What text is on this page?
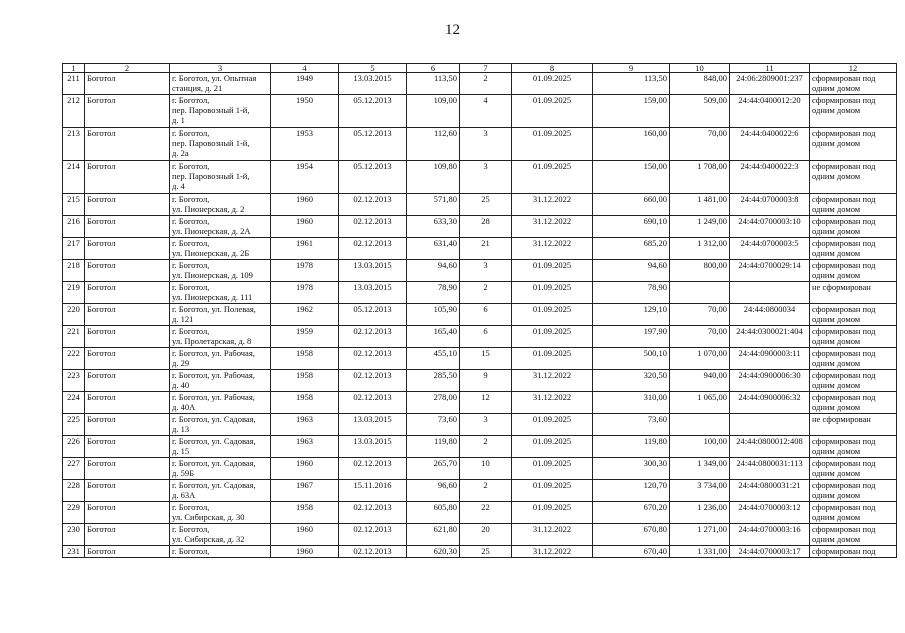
12
1	2	3	4	5	6	7	8	9	10	11	12
211	Боготол	г. Боготол, ул. Опытная
станция, д. 21	1949	13.03.2015	113,50	2	01.09.2025	113,50	848,00	24:06:2809001:237	сформирован под
одним домом
212	Боготол	г. Боготол,
пер. Паровозный 1-й,
д. 1	1950	05.12.2013	109,00	4	01.09.2025	159,00	509,00	24:44:0400012:20	сформирован под
одним домом
213	Боготол	г. Боготол,
пер. Паровозный 1-й,
д. 2а	1953	05.12.2013	112,60	3	01.09.2025	160,00	70,00	24:44:0400022:6	сформирован под
одним домом
214	Боготол	г. Боготол,
пер. Паровозный 1-й,
д. 4	1954	05.12.2013	109,80	3	01.09.2025	150,00	1 708,00	24:44:0400022:3	сформирован под
одним домом
215	Боготол	г. Боготол,
ул. Пионерская, д. 2	1960	02.12.2013	571,80	25	31.12.2022	660,00	1 481,00	24:44:0700003:8	сформирован под
одним домом
216	Боготол	г. Боготол,
ул. Пионерская, д. 2А	1960	02.12.2013	633,30	28	31.12.2022	690,10	1 249,00	24:44:0700003:10	сформирован под
одним домом
217	Боготол	г. Боготол,
ул. Пионерская, д. 2Б	1961	02.12.2013	631,40	21	31.12.2022	685,20	1 312,00	24:44:0700003:5	сформирован под
одним домом
218	Боготол	г. Боготол,
ул. Пионерская, д. 109	1978	13.03.2015	94,60	3	01.09.2025	94,60	800,00	24:44:0700029:14	сформирован под
одним домом
219	Боготол	г. Боготол,
ул. Пионерская, д. 111	1978	13.03.2015	78,90	2	01.09.2025	78,90			не сформирован
220	Боготол	г. Боготол, ул. Полевая,
д. 121	1962	05.12.2013	105,90	6	01.09.2025	129,10	70,00	24:44:0800034	сформирован под
одним домом
221	Боготол	г. Боготол,
ул. Пролетарская, д. 8	1959	02.12.2013	165,40	6	01.09.2025	197,90	70,00	24:44:0300021:404	сформирован под
одним домом
222	Боготол	г. Боготол, ул. Рабочая,
д. 29	1958	02.12.2013	455,10	15	01.09.2025	500,10	1 070,00	24:44:0900003:11	сформирован под
одним домом
223	Боготол	г. Боготол, ул. Рабочая,
д. 40	1958	02.12.2013	285,50	9	31.12.2022	320,50	940,00	24:44:0900006:30	сформирован под
одним домом
224	Боготол	г. Боготол, ул. Рабочая,
д. 40А	1958	02.12.2013	278,00	12	31.12.2022	310,00	1 065,00	24:44:0900006:32	сформирован под
одним домом
225	Боготол	г. Боготол, ул. Садовая,
д. 13	1963	13.03.2015	73,60	3	01.09.2025	73,60			не сформирован
226	Боготол	г. Боготол, ул. Садовая,
д. 15	1963	13.03.2015	119,80	2	01.09.2025	119,80	100,00	24:44:0800012:408	сформирован под
одним домом
227	Боготол	г. Боготол, ул. Садовая,
д. 59Б	1960	02.12.2013	265,70	10	01.09.2025	300,30	1 349,00	24:44:0800031:113	сформирован под
одним домом
228	Боготол	г. Боготол, ул. Садовая,
д. 63А	1967	15.11.2016	96,60	2	01.09.2025	120,70	3 734,00	24:44:0800031:21	сформирован под
одним домом
229	Боготол	г. Боготол,
ул. Сибирская, д. 30	1958	02.12.2013	605,80	22	01.09.2025	670,20	1 236,00	24:44:0700003:12	сформирован под
одним домом
230	Боготол	г. Боготол,
ул. Сибирская, д. 32	1960	02.12.2013	621,80	20	31.12.2022	670,80	1 271,00	24:44:0700003:16	сформирован под
одним домом
231	Боготол	г. Боготол,	1960	02.12.2013	620,30	25	31.12.2022	670,40	1 331,00	24:44:0700003:17	сформирован под
